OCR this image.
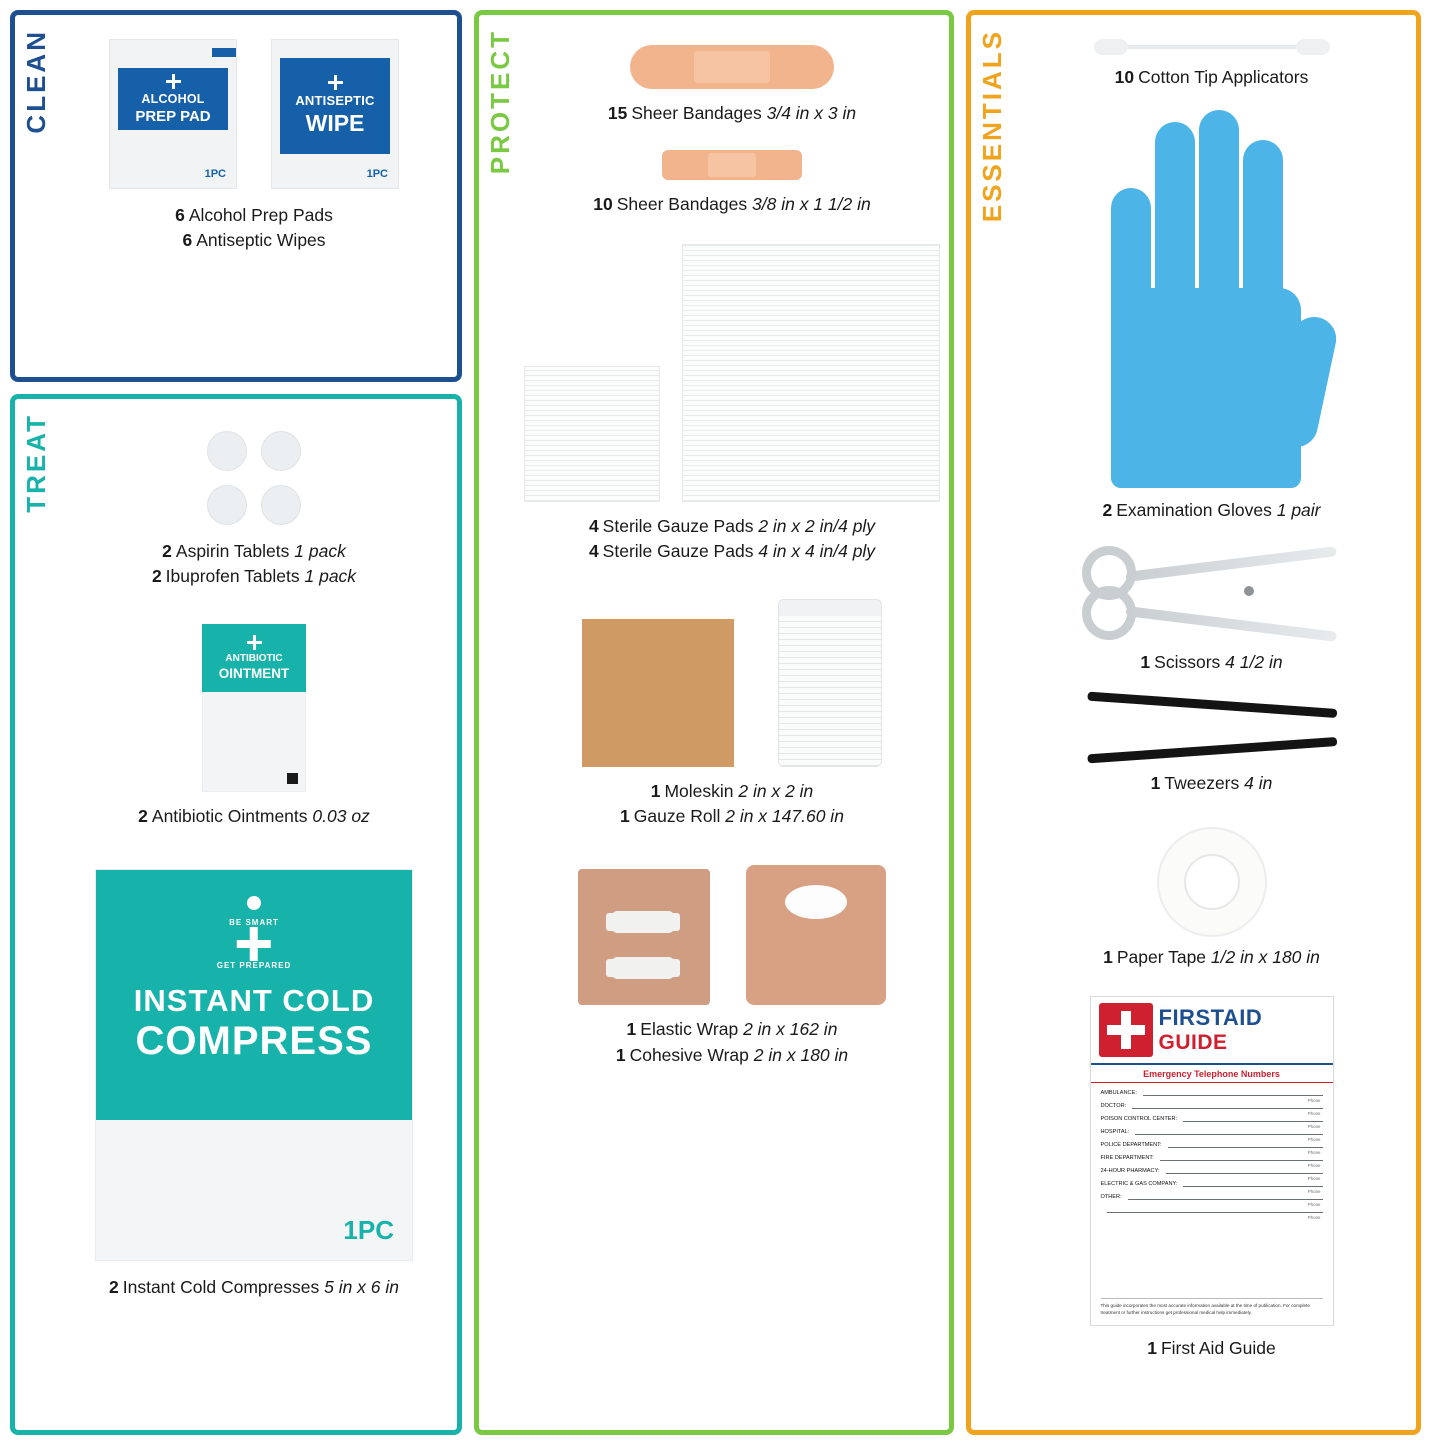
CLEAN	ALCOHOL
PREP PAD
1PC
ANTISEPTIC
WIPE
1PC
6 Alcohol Prep Pads
6 Antiseptic Wipes
TREAT
2 Aspirin Tablets 1 pack
2 Ibuprofen Tablets 1 pack
ANTIBIOTIC
OINTMENT
2 Antibiotic Ointments 0.03 oz
BE SMART
GET PREPARED
INSTANT COLD
COMPRESS
1PC
2 Instant Cold Compresses 5 in x 6 in
PROTECT	15 Sheer Bandages 3/4 in x 3 in
10 Sheer Bandages 3/8 in x 1 1/2 in
4 Sterile Gauze Pads 2 in x 2 in/4 ply
4 Sterile Gauze Pads 4 in x 4 in/4 ply
1 Moleskin 2 in x 2 in
1 Gauze Roll 2 in x 147.60 in
1 Elastic Wrap 2 in x 162 in
1 Cohesive Wrap 2 in x 180 in
ESSENTIALS	10 Cotton Tip Applicators
2 Examination Gloves 1 pair
1 Scissors 4 1/2 in
1 Tweezers 4 in
1 Paper Tape 1/2 in x 180 in
FIRSTAID
GUIDE
Emergency Telephone Numbers
AMBULANCE:
Phone
DOCTOR:
Phone
POISON CONTROL CENTER:
Phone
HOSPITAL:
Phone
POLICE DEPARTMENT:
Phone
FIRE DEPARTMENT:
Phone
24-HOUR PHARMACY:
Phone
ELECTRIC & GAS COMPANY:
Phone
OTHER:
Phone
Phone
This guide incorporates the most accurate information available at the time of publication. For complete treatment or further instructions get professional medical help immediately.
1 First Aid Guide
